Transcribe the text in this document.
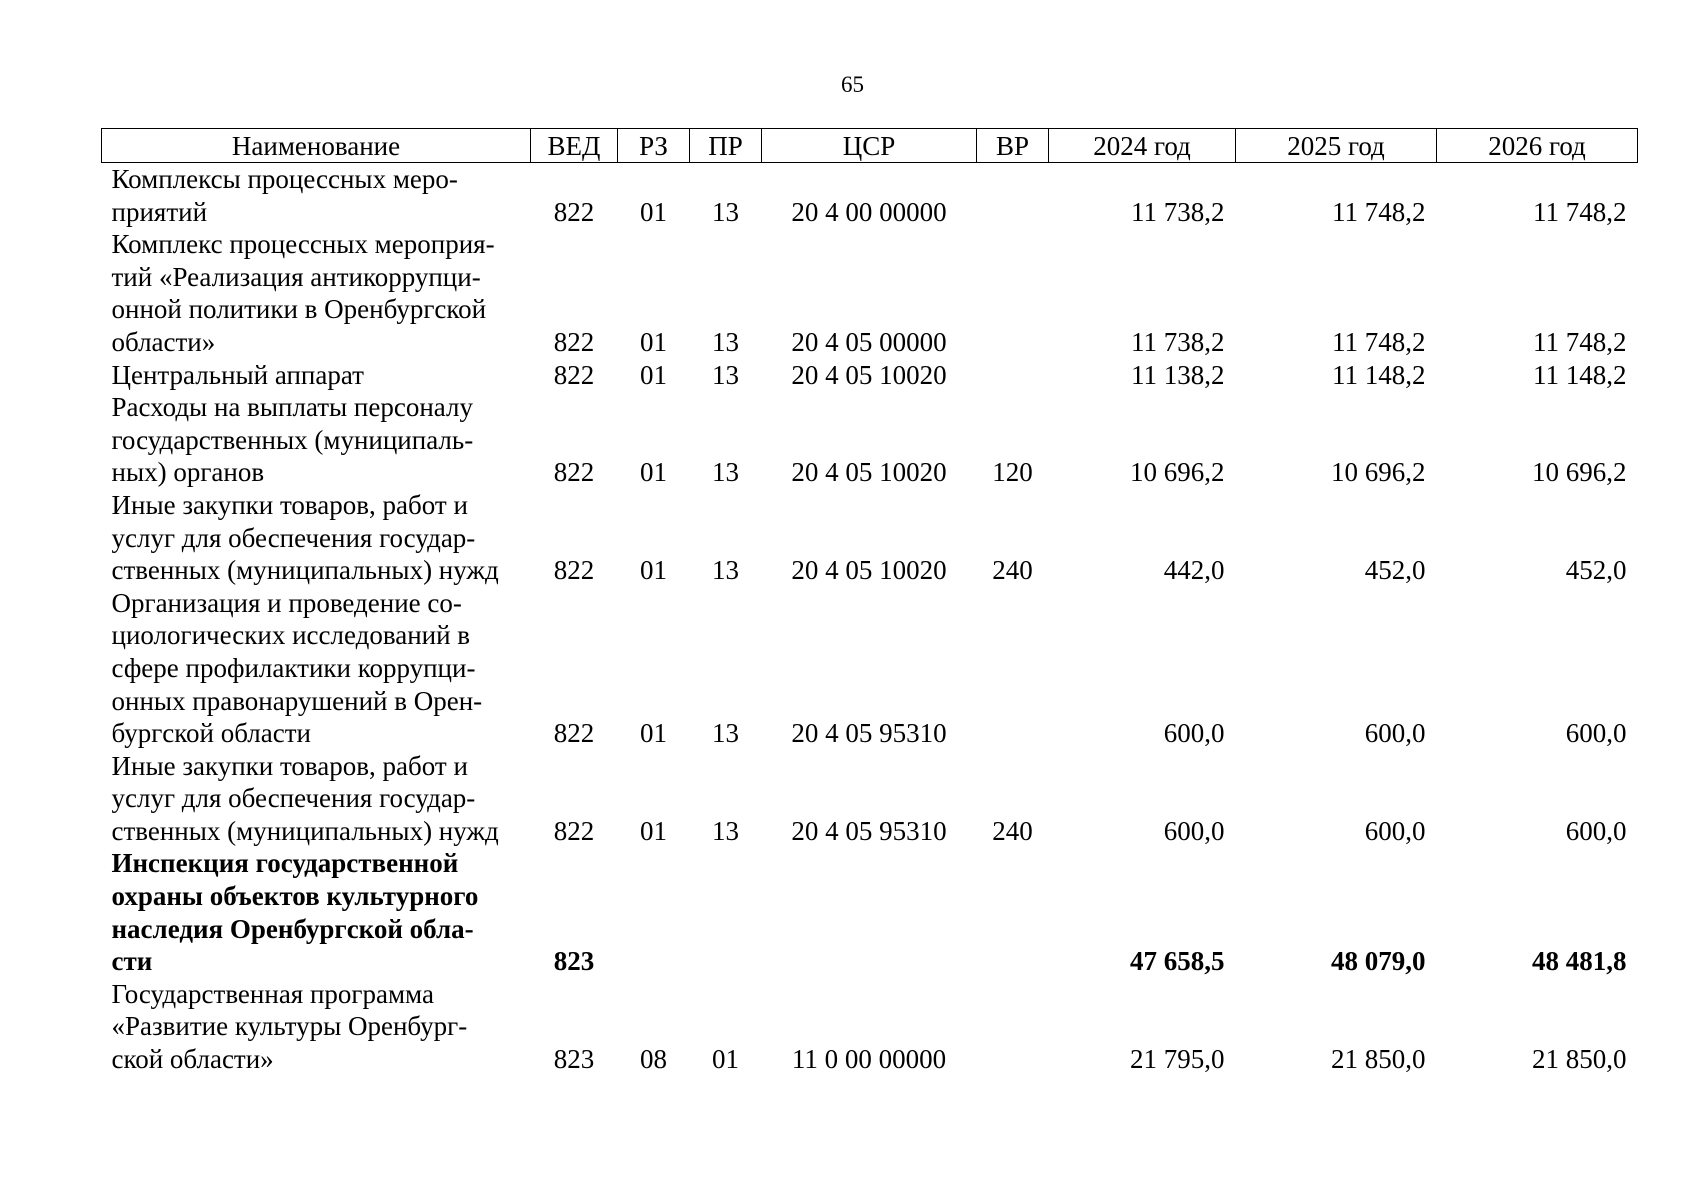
65
Наименование	ВЕД	РЗ	ПР	ЦСР	ВР	2024 год	2025 год	2026 год

Комплексы процессных меро-
приятий	822	01	13	20 4 00 00000		11 738,2	11 748,2	11 748,2

Комплекс процессных мероприя-
тий «Реализация антикоррупци-
онной политики в Оренбургской
области»	822	01	13	20 4 05 00000		11 738,2	11 748,2	11 748,2

Центральный аппарат	822	01	13	20 4 05 10020		11 138,2	11 148,2	11 148,2

Расходы на выплаты персоналу
государственных (муниципаль-
ных) органов	822	01	13	20 4 05 10020	120	10 696,2	10 696,2	10 696,2

Иные закупки товаров, работ и
услуг для обеспечения государ-
ственных (муниципальных) нужд	822	01	13	20 4 05 10020	240	442,0	452,0	452,0

Организация и проведение со-
циологических исследований в
сфере профилактики коррупци-
онных правонарушений в Орен-
бургской области	822	01	13	20 4 05 95310		600,0	600,0	600,0

Иные закупки товаров, работ и
услуг для обеспечения государ-
ственных (муниципальных) нужд	822	01	13	20 4 05 95310	240	600,0	600,0	600,0

Инспекция государственной
охраны объектов культурного
наследия Оренбургской обла-
сти	823					47 658,5	48 079,0	48 481,8

Государственная программа
«Развитие культуры Оренбург-
ской области»	823	08	01	11 0 00 00000		21 795,0	21 850,0	21 850,0
